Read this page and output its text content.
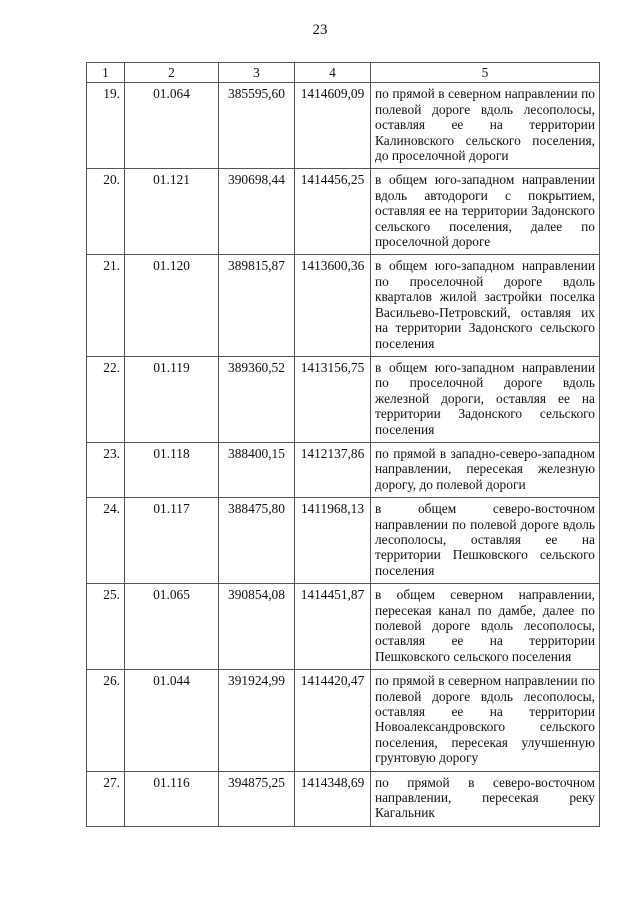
23
1	2	3	4	5
19.	01.064	385595,60	1414609,09	по прямой в северном направлении по полевой дороге вдоль лесополосы, оставляя ее на территории Калиновского сельского поселения, до проселочной дороги
20.	01.121	390698,44	1414456,25	в общем юго-западном направлении вдоль автодороги с покрытием, оставляя ее на территории Задонского сельского поселения, далее по проселочной дороге
21.	01.120	389815,87	1413600,36	в общем юго-западном направлении по проселочной дороге вдоль кварталов жилой застройки поселка Васильево-Петровский, оставляя их на территории Задонского сельского поселения
22.	01.119	389360,52	1413156,75	в общем юго-западном направлении по проселочной дороге вдоль железной дороги, оставляя ее на территории Задонского сельского поселения
23.	01.118	388400,15	1412137,86	по прямой в западно-северо-западном направлении, пересекая железную дорогу, до полевой дороги
24.	01.117	388475,80	1411968,13	в общем северо-восточном направлении по полевой дороге вдоль лесополосы, оставляя ее на территории Пешковского сельского поселения
25.	01.065	390854,08	1414451,87	в общем северном направлении, пересекая канал по дамбе, далее по полевой дороге вдоль лесополосы, оставляя ее на территории Пешковского сельского поселения
26.	01.044	391924,99	1414420,47	по прямой в северном направлении по полевой дороге вдоль лесополосы, оставляя ее на территории Новоалександровского сельского поселения, пересекая улучшенную грунтовую дорогу
27.	01.116	394875,25	1414348,69	по прямой в северо-восточном направлении, пересекая реку Кагальник
